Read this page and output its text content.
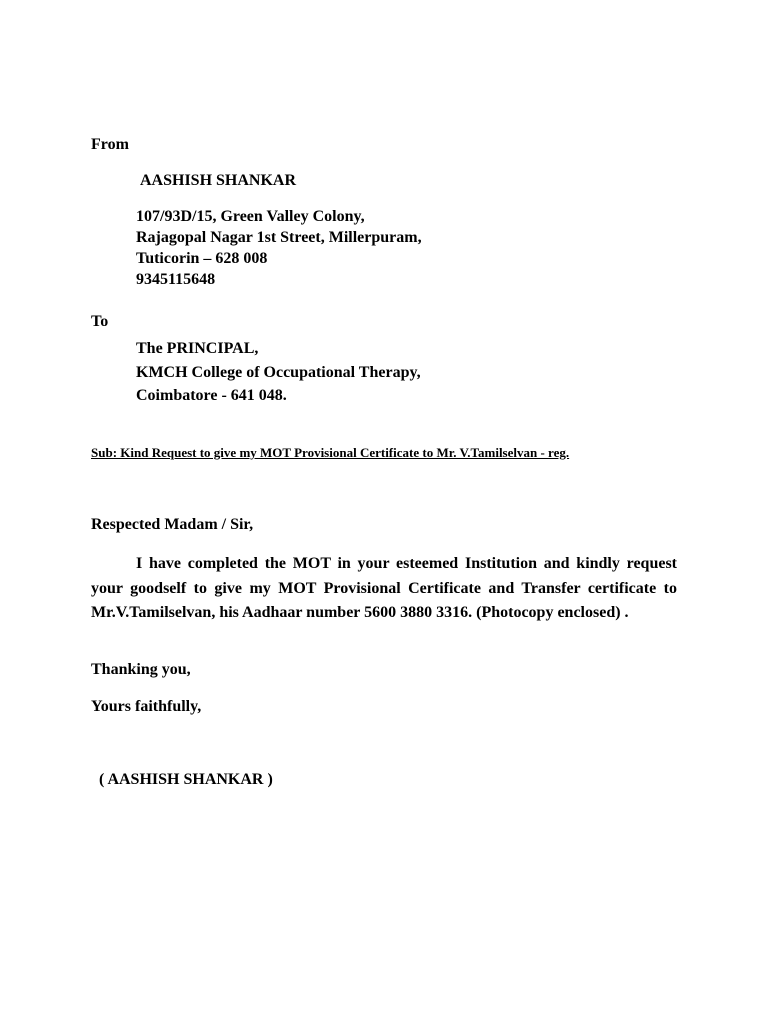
From
AASHISH SHANKAR
107/93D/15, Green Valley Colony,
Rajagopal Nagar 1st Street, Millerpuram,
Tuticorin – 628 008
9345115648
To
The PRINCIPAL,
KMCH College of Occupational Therapy,
Coimbatore - 641 048.
Sub: Kind Request to give my MOT Provisional Certificate to Mr. V.Tamilselvan - reg.
Respected Madam / Sir,
I have completed the MOT in your esteemed Institution and kindly request your goodself to give my MOT Provisional Certificate and Transfer certificate to Mr.V.Tamilselvan, his Aadhaar number 5600 3880 3316. (Photocopy enclosed) .
Thanking you,
Yours faithfully,
( AASHISH SHANKAR )
